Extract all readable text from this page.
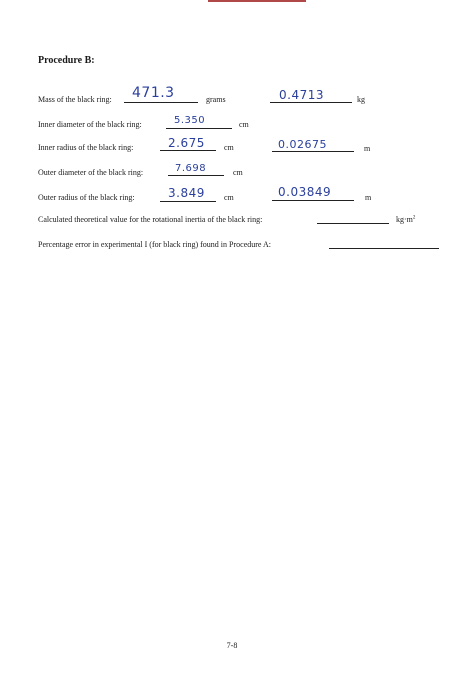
Procedure B:
Mass of the black ring: 471.3	grams	0.4713	kg
Inner diameter of the black ring:	5.350	cm
Inner radius of the black ring:	2.675 cm	0.02675	m
Outer diameter of the black ring:	7.698	cm
Outer radius of the black ring:	3.849 cm	0.03849	m
Calculated theoretical value for the rotational inertia of the black ring:	$kg\cdot m^2$
Percentage error in experimental I (for black ring) found in Procedure A:
7-8
